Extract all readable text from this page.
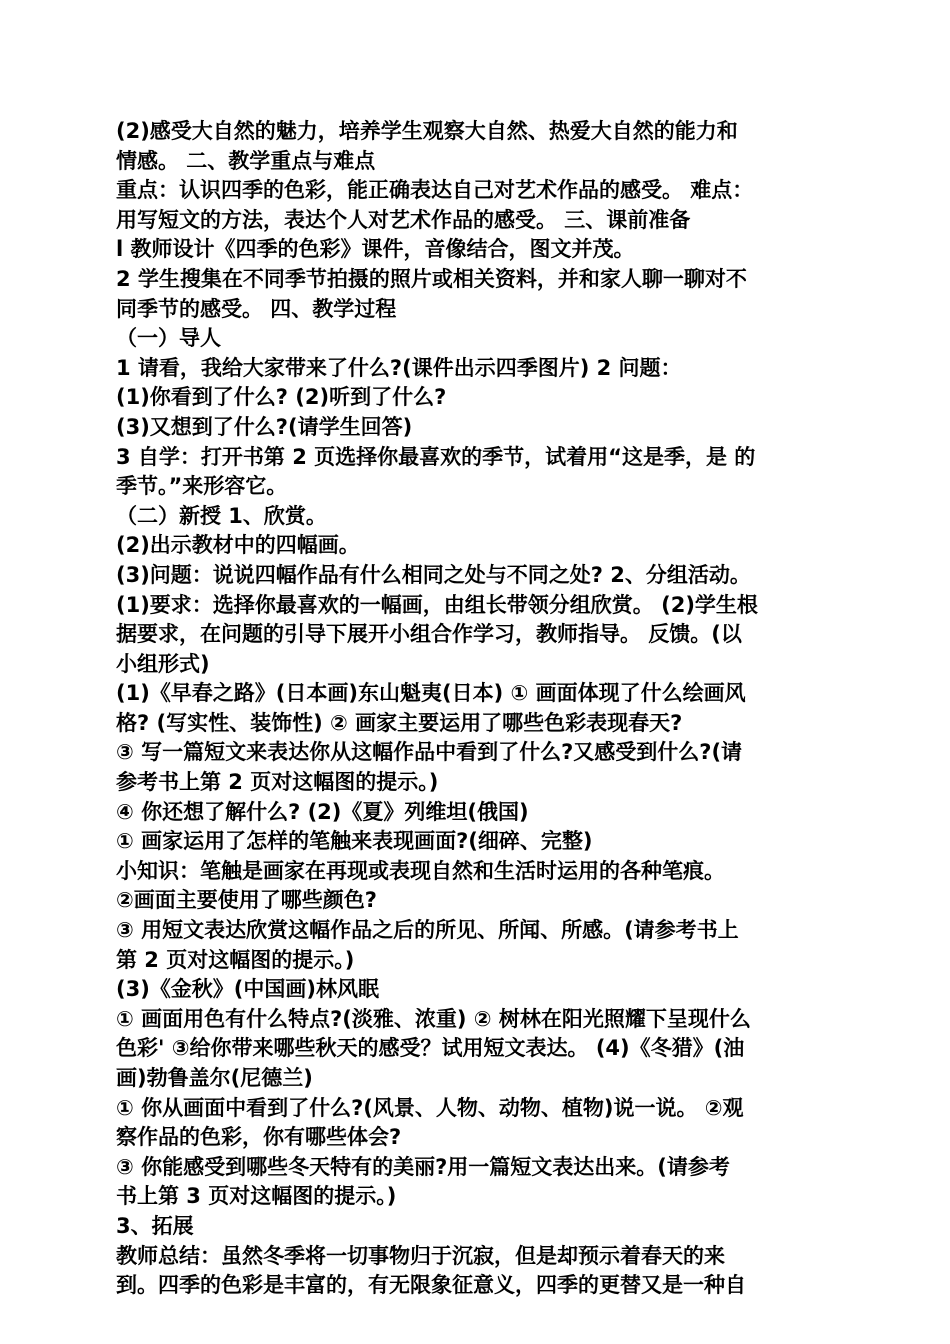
(2)感受大自然的魅力，培养学生观察大自然、热爱大自然的能力和
情感。 二、教学重点与难点
重点：认识四季的色彩，能正确表达自己对艺术作品的感受。 难点：
用写短文的方法，表达个人对艺术作品的感受。 三、课前准备
l 教师设计《四季的色彩》课件，音像结合，图文并茂。
2 学生搜集在不同季节拍摄的照片或相关资料，并和家人聊一聊对不
同季节的感受。 四、教学过程
（一）导人
1 请看，我给大家带来了什么?(课件出示四季图片) 2 问题：
(1)你看到了什么? (2)听到了什么?
(3)又想到了什么?(请学生回答)
3 自学：打开书第 2 页选择你最喜欢的季节，试着用“这是季，是 的
季节。”来形容它。
（二）新授 1、欣赏。
(2)出示教材中的四幅画。
(3)问题：说说四幅作品有什么相同之处与不同之处? 2、分组活动。
(1)要求：选择你最喜欢的一幅画，由组长带领分组欣赏。 (2)学生根
据要求，在问题的引导下展开小组合作学习，教师指导。 反馈。(以
小组形式)
(1)《早春之路》(日本画)东山魁夷(日本) ① 画面体现了什么绘画风
格? (写实性、装饰性) ② 画家主要运用了哪些色彩表现春天?
③ 写一篇短文来表达你从这幅作品中看到了什么?又感受到什么?(请
参考书上第 2 页对这幅图的提示。)
④ 你还想了解什么? (2)《夏》列维坦(俄国)
① 画家运用了怎样的笔触来表现画面?(细碎、完整)
小知识：笔触是画家在再现或表现自然和生活时运用的各种笔痕。
②画面主要使用了哪些颜色?
③ 用短文表达欣赏这幅作品之后的所见、所闻、所感。(请参考书上
第 2 页对这幅图的提示。)
(3)《金秋》(中国画)林风眠
① 画面用色有什么特点?(淡雅、浓重) ② 树林在阳光照耀下呈现什么
色彩' ③给你带来哪些秋天的感受？试用短文表达。 (4)《冬猎》(油
画)勃鲁盖尔(尼德兰)
① 你从画面中看到了什么?(风景、人物、动物、植物)说一说。 ②观
察作品的色彩，你有哪些体会?
③ 你能感受到哪些冬天特有的美丽?用一篇短文表达出来。(请参考
书上第 3 页对这幅图的提示。)
3、拓展
教师总结：虽然冬季将一切事物归于沉寂，但是却预示着春天的来
到。四季的色彩是丰富的，有无限象征意义，四季的更替又是一种自
